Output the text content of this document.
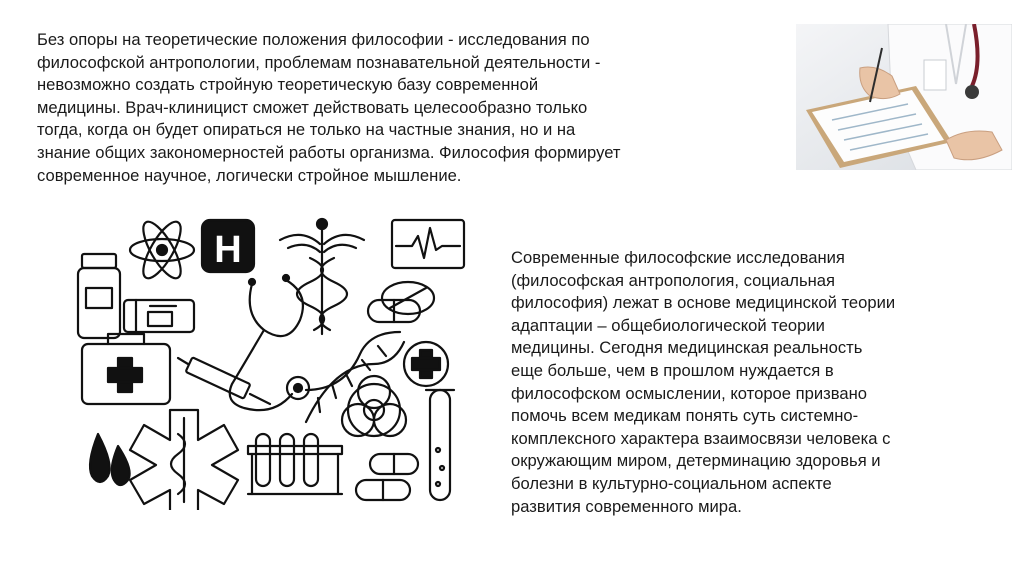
Без опоры на теоретические положения философии - исследования по
философской антропологии, проблемам познавательной деятельности -
невозможно создать стройную теоретическую базу современной
медицины. Врач-клиницист сможет действовать целесообразно только
тогда, когда он будет опираться не только на частные знания, но и на
знание общих закономерностей работы организма. Философия формирует
современное научное, логически стройное мышление.

H	Современные философские исследования
(философская антропология, социальная
философия) лежат в основе медицинской теории
адаптации – общебиологической теории
медицины. Сегодня медицинская реальность
еще больше, чем в прошлом нуждается в
философском осмыслении, которое призвано
помочь всем медикам понять суть системно-
комплексного характера взаимосвязи человека с
окружающим миром, детерминацию здоровья и
болезни в культурно-социальном аспекте
развития современного мира.
